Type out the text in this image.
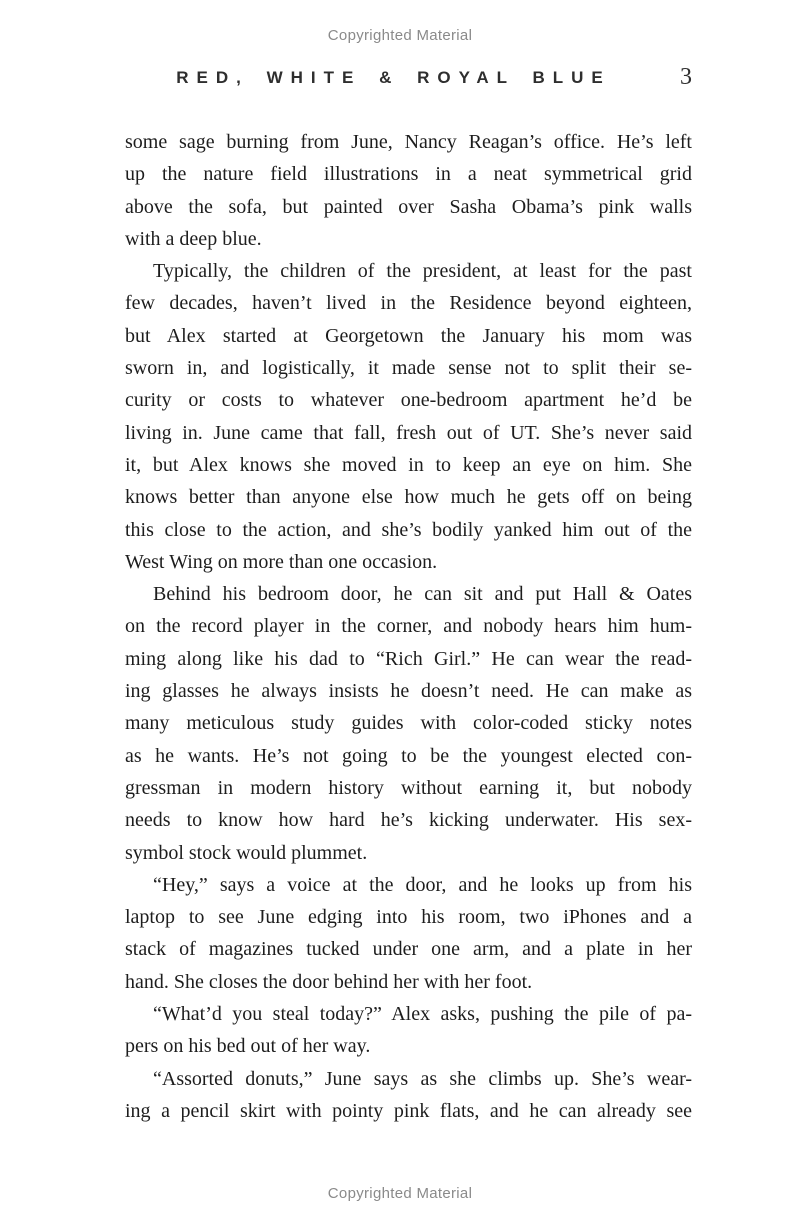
Copyrighted Material
RED, WHITE & ROYAL BLUE	3
some sage burning from June, Nancy Reagan’s office. He’s left
up the nature field illustrations in a neat symmetrical grid
above the sofa, but painted over Sasha Obama’s pink walls
with a deep blue.
Typically, the children of the president, at least for the past
few decades, haven’t lived in the Residence beyond eighteen,
but Alex started at Georgetown the January his mom was
sworn in, and logistically, it made sense not to split their se-
curity or costs to whatever one-bedroom apartment he’d be
living in. June came that fall, fresh out of UT. She’s never said
it, but Alex knows she moved in to keep an eye on him. She
knows better than anyone else how much he gets off on being
this close to the action, and she’s bodily yanked him out of the
West Wing on more than one occasion.
Behind his bedroom door, he can sit and put Hall & Oates
on the record player in the corner, and nobody hears him hum-
ming along like his dad to “Rich Girl.” He can wear the read-
ing glasses he always insists he doesn’t need. He can make as
many meticulous study guides with color-coded sticky notes
as he wants. He’s not going to be the youngest elected con-
gressman in modern history without earning it, but nobody
needs to know how hard he’s kicking underwater. His sex-
symbol stock would plummet.
“Hey,” says a voice at the door, and he looks up from his
laptop to see June edging into his room, two iPhones and a
stack of magazines tucked under one arm, and a plate in her
hand. She closes the door behind her with her foot.
“What’d you steal today?” Alex asks, pushing the pile of pa-
pers on his bed out of her way.
“Assorted donuts,” June says as she climbs up. She’s wear-
ing a pencil skirt with pointy pink flats, and he can already see
Copyrighted Material
